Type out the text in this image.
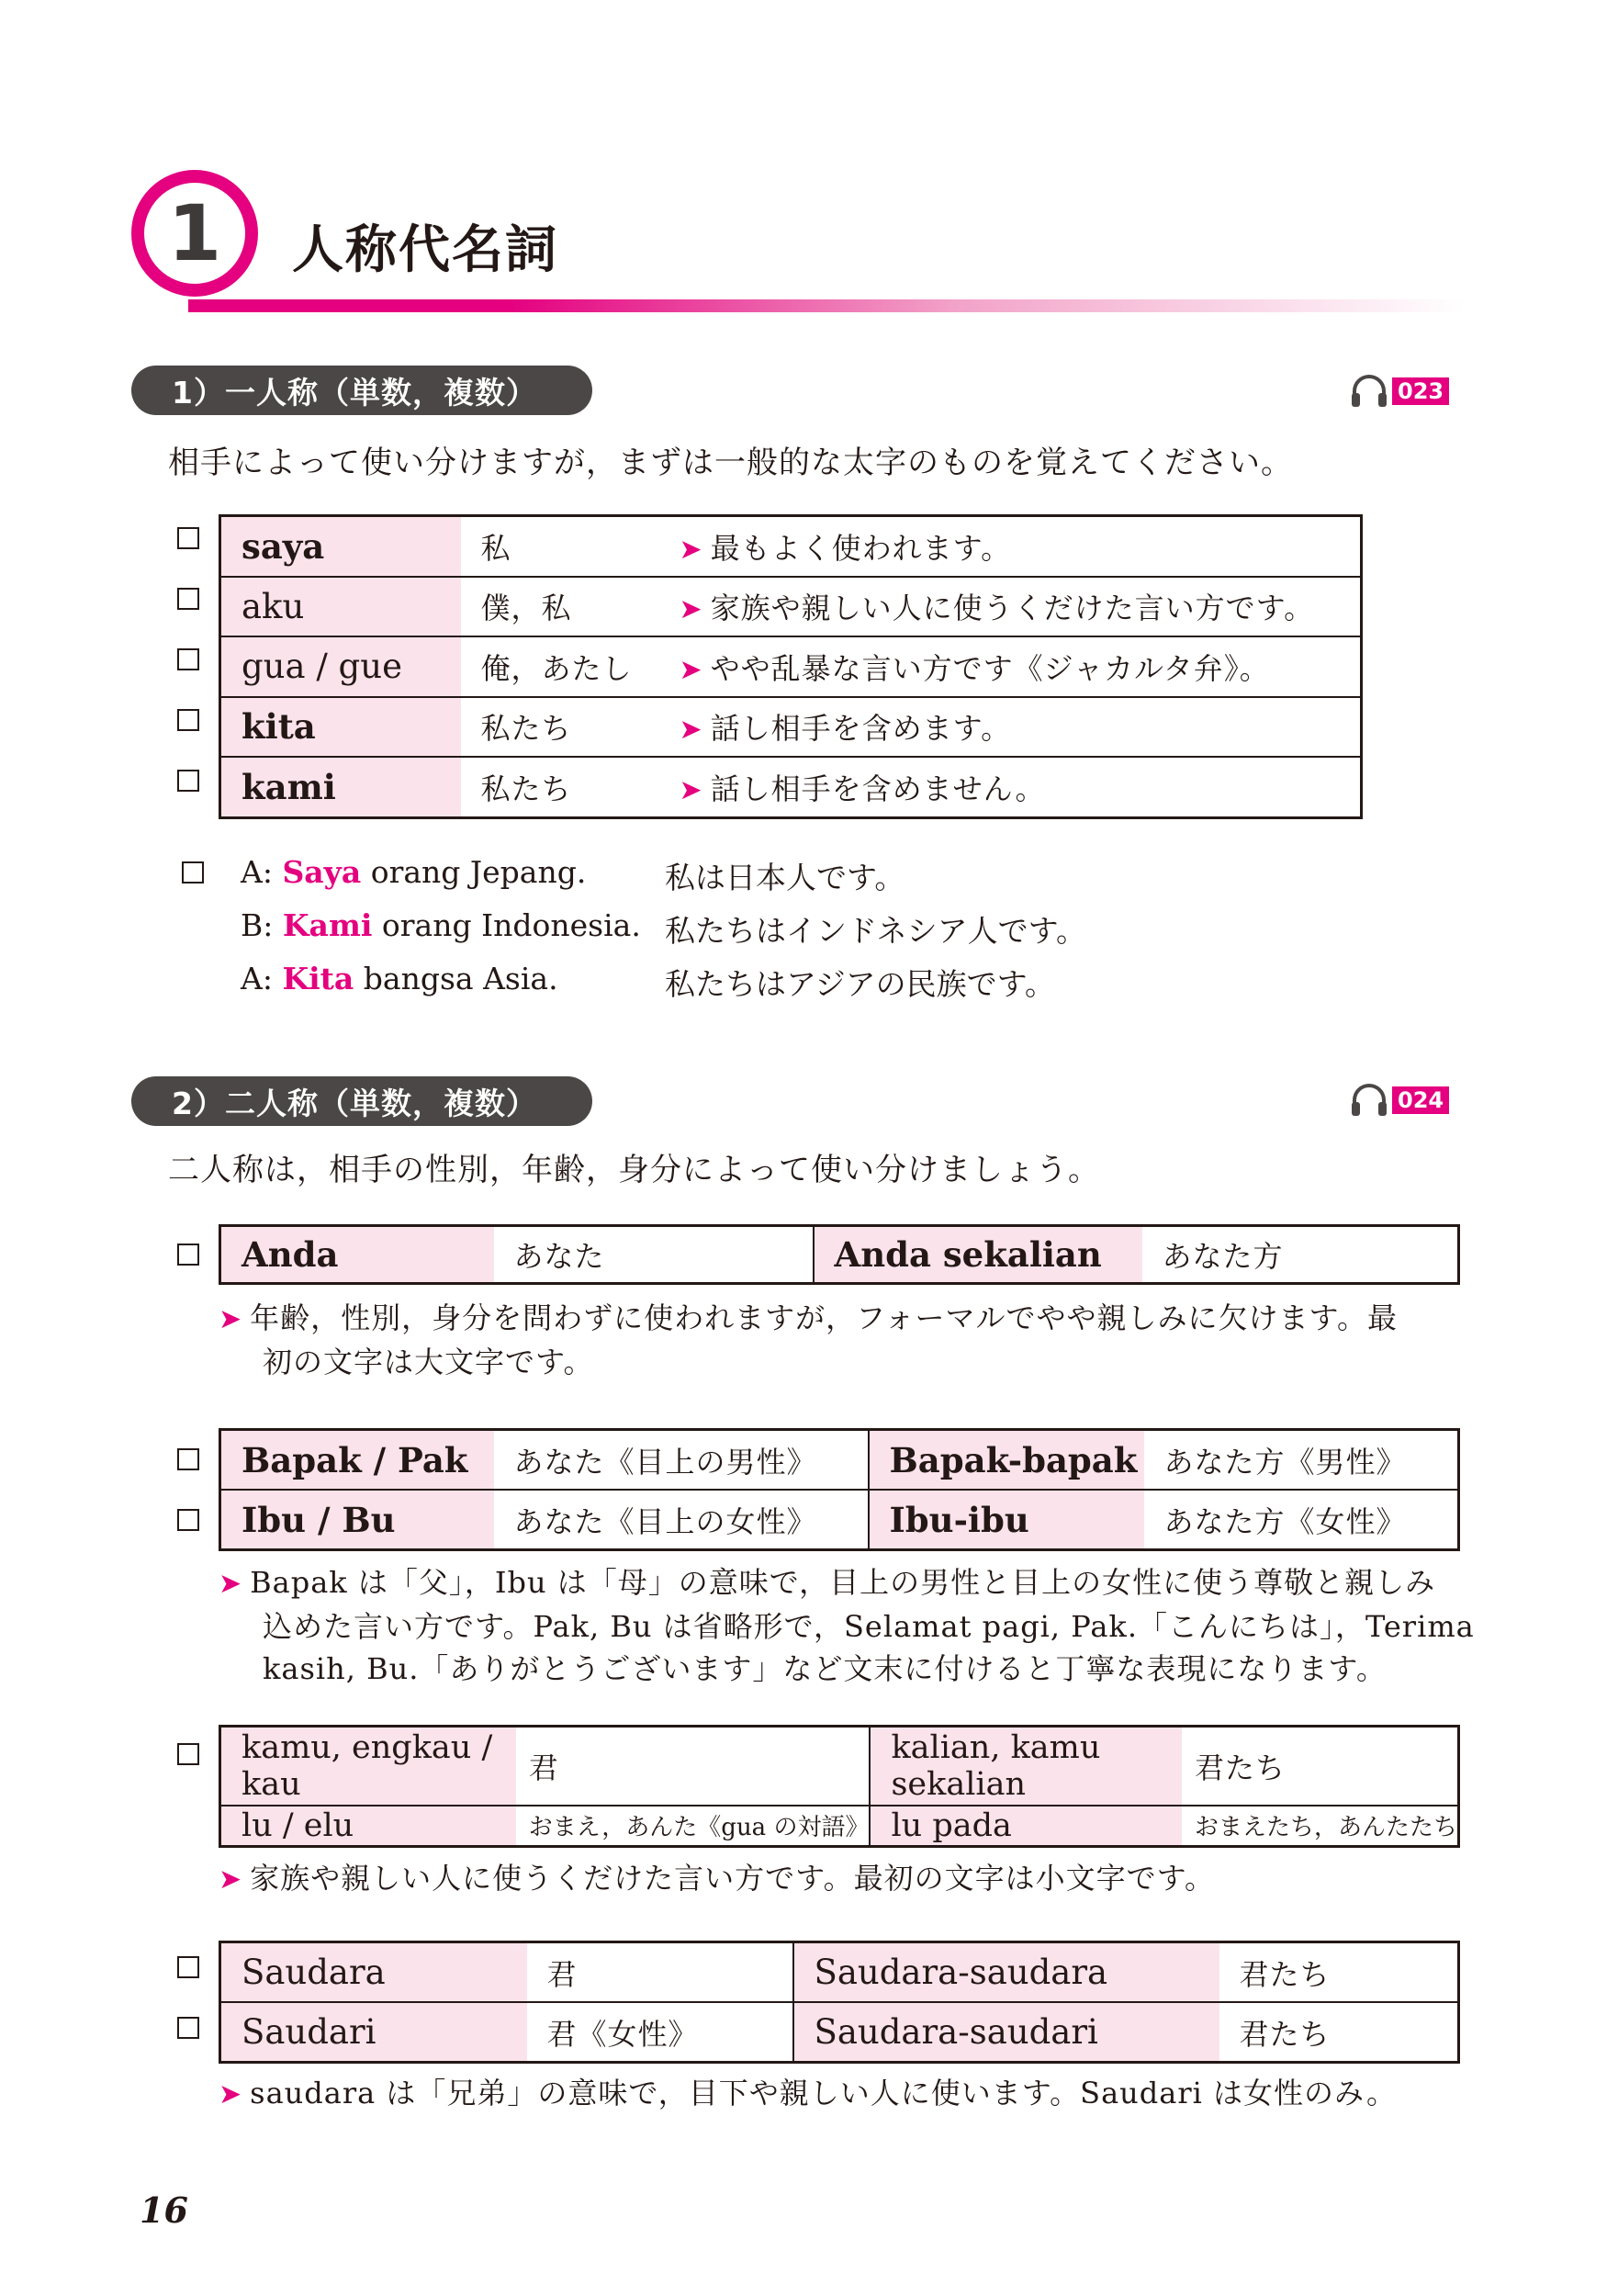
1	人称代名詞
1）一人称（単数，複数）	023
相手によって使い分けますが，まずは一般的な太字のものを覚えてください。
saya	私	➤ 最もよく使われます。
aku	僕，私	➤ 家族や親しい人に使うくだけた言い方です。
gua / gue	俺，あたし	➤ やや乱暴な言い方です《ジャカルタ弁》。
kita	私たち	➤ 話し相手を含めます。
kami	私たち	➤ 話し相手を含めません。
A: Saya orang Jepang.	私は日本人です。
B: Kami orang Indonesia. 私たちはインドネシア人です。
A: Kita bangsa Asia.	私たちはアジアの民族です。
2）二人称（単数，複数）	024
二人称は，相手の性別，年齢，身分によって使い分けましょう。
Anda	あなた	Anda sekalian	あなた方
➤ 年齢，性別，身分を問わずに使われますが，フォーマルでやや親しみに欠けます。最
初の文字は大文字です。
Bapak / Pak	あなた《目上の男性》	Bapak-bapak	あなた方《男性》
Ibu / Bu	あなた《目上の女性》	Ibu-ibu	あなた方《女性》
➤ Bapak は「父」，Ibu は「母」の意味で，目上の男性と目上の女性に使う尊敬と親しみ
込めた言い方です。Pak, Bu は省略形で，Selamat pagi, Pak.「こんにちは」，Terima
kasih, Bu.「ありがとうございます」など文末に付けると丁寧な表現になります。
kamu, engkau / kau	君	kalian, kamu sekalian	君たち
lu / elu	おまえ，あんた《gua の対語》	lu pada	おまえたち，あんたたち
➤ 家族や親しい人に使うくだけた言い方です。最初の文字は小文字です。
Saudara	君	Saudara-saudara	君たち
Saudari	君《女性》	Saudara-saudari	君たち
➤ saudara は「兄弟」の意味で，目下や親しい人に使います。Saudari は女性のみ。
16
